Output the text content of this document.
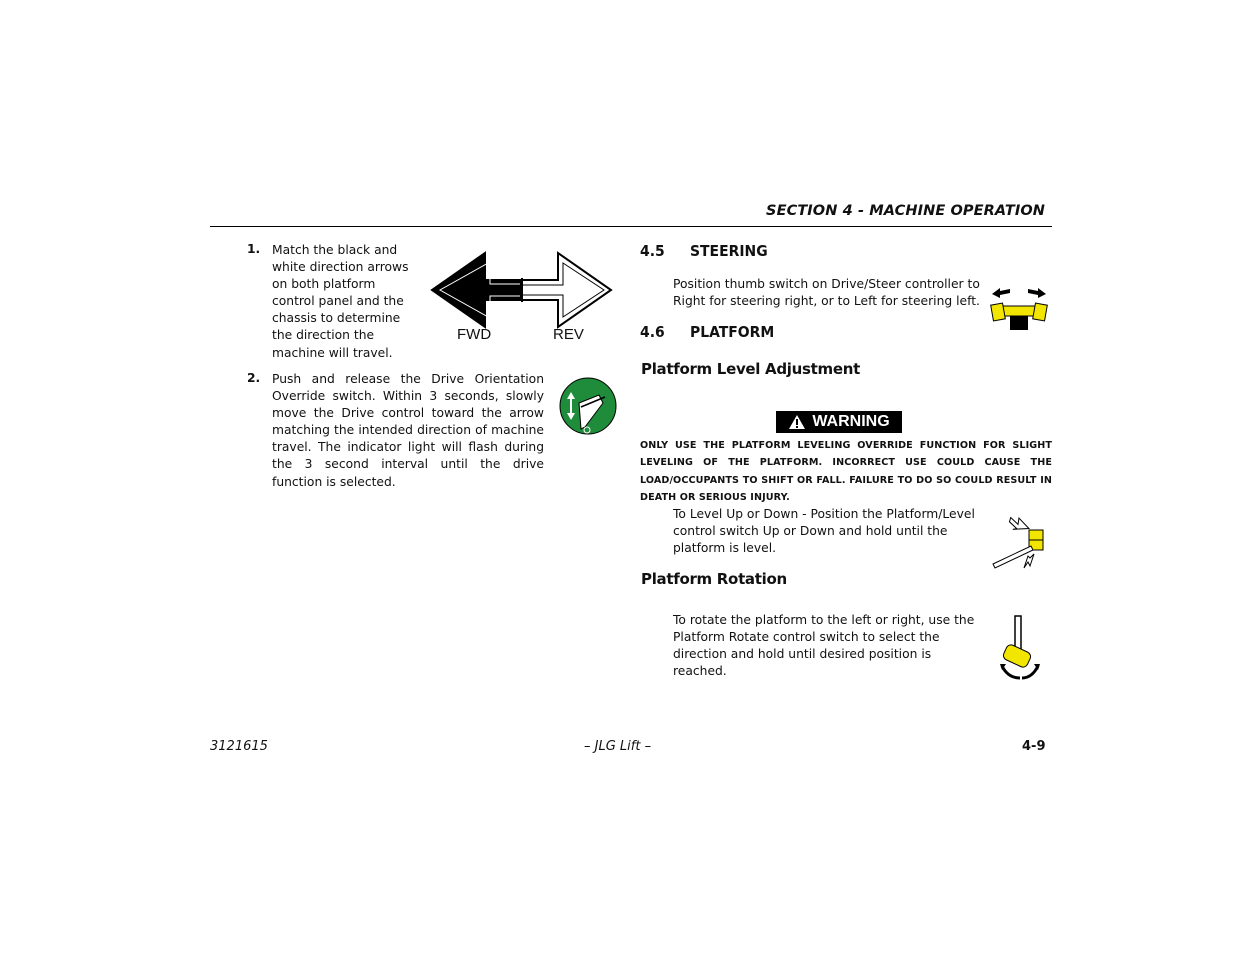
SECTION 4 - MACHINE OPERATION
1. Match the black and white direction arrows on both platform control panel and the chassis to determine the direction the machine will travel.
FWD	REV
2. Push and release the Drive Orientation Override switch. Within 3 seconds, slowly move the Drive control toward the arrow matching the intended direction of machine travel. The indicator light will flash during the 3 second interval until the drive function is selected.
4.5 STEERING
Position thumb switch on Drive/Steer controller to Right for steering right, or to Left for steering left.
4.6 PLATFORM
Platform Level Adjustment
WARNING
ONLY USE THE PLATFORM LEVELING OVERRIDE FUNCTION FOR SLIGHT LEVELING OF THE PLATFORM. INCORRECT USE COULD CAUSE THE LOAD/OCCUPANTS TO SHIFT OR FALL. FAILURE TO DO SO COULD RESULT IN DEATH OR SERIOUS INJURY.
To Level Up or Down - Position the Platform/Level control switch Up or Down and hold until the platform is level.
Platform Rotation
To rotate the platform to the left or right, use the Platform Rotate control switch to select the direction and hold until desired position is reached.
3121615	– JLG Lift –	4-9
